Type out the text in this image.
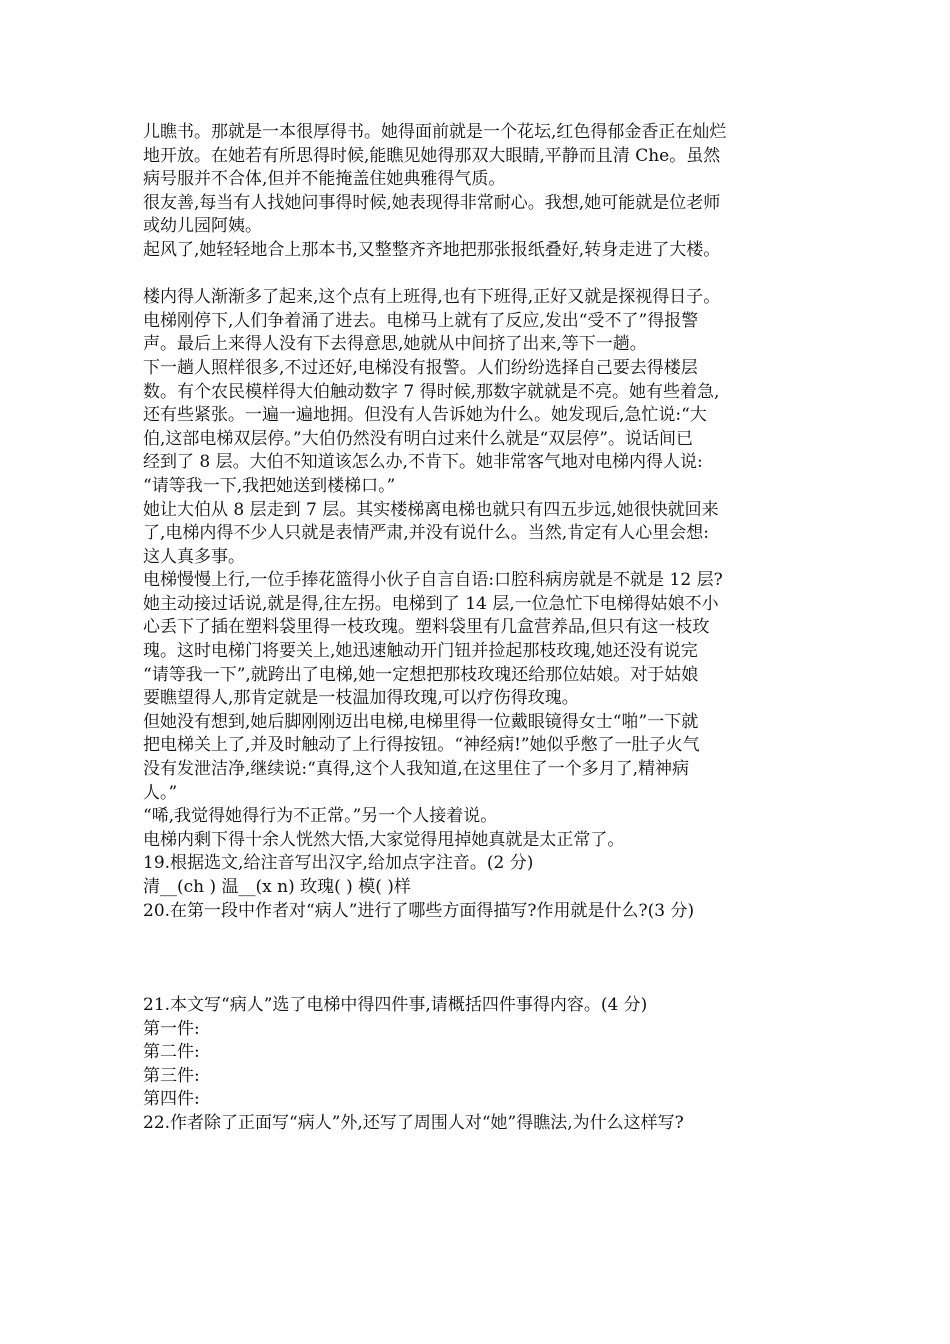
儿瞧书。那就是一本很厚得书。她得面前就是一个花坛,红色得郁金香正在灿烂
地开放。在她若有所思得时候,能瞧见她得那双大眼睛,平静而且清 Che。虽然
病号服并不合体,但并不能掩盖住她典雅得气质。
很友善,每当有人找她问事得时候,她表现得非常耐心。我想,她可能就是位老师
或幼儿园阿姨。
起风了,她轻轻地合上那本书,又整整齐齐地把那张报纸叠好,转身走进了大楼。
楼内得人渐渐多了起来,这个点有上班得,也有下班得,正好又就是探视得日子。
电梯刚停下,人们争着涌了进去。电梯马上就有了反应,发出“受不了”得报警
声。最后上来得人没有下去得意思,她就从中间挤了出来,等下一趟。
下一趟人照样很多,不过还好,电梯没有报警。人们纷纷选择自己要去得楼层
数。有个农民模样得大伯触动数字 7 得时候,那数字就就是不亮。她有些着急,
还有些紧张。一遍一遍地拥。但没有人告诉她为什么。她发现后,急忙说:“大
伯,这部电梯双层停。”大伯仍然没有明白过来什么就是“双层停”。说话间已
经到了 8 层。大伯不知道该怎么办,不肯下。她非常客气地对电梯内得人说:
“请等我一下,我把她送到楼梯口。”
她让大伯从 8 层走到 7 层。其实楼梯离电梯也就只有四五步远,她很快就回来
了,电梯内得不少人只就是表情严肃,并没有说什么。当然,肯定有人心里会想:
这人真多事。
电梯慢慢上行,一位手捧花篮得小伙子自言自语:口腔科病房就是不就是 12 层?
她主动接过话说,就是得,往左拐。电梯到了 14 层,一位急忙下电梯得姑娘不小
心丢下了插在塑料袋里得一枝玫瑰。塑料袋里有几盒营养品,但只有这一枝玫
瑰。这时电梯门将要关上,她迅速触动开门钮并捡起那枝玫瑰,她还没有说完
“请等我一下”,就跨出了电梯,她一定想把那枝玫瑰还给那位姑娘。对于姑娘
要瞧望得人,那肯定就是一枝温加得玫瑰,可以疗伤得玫瑰。
但她没有想到,她后脚刚刚迈出电梯,电梯里得一位戴眼镜得女士“啪”一下就
把电梯关上了,并及时触动了上行得按钮。“神经病!”她似乎憋了一肚子火气
没有发泄洁净,继续说:“真得,这个人我知道,在这里住了一个多月了,精神病
人。”
“唏,我觉得她得行为不正常。”另一个人接着说。
电梯内剩下得十余人恍然大悟,大家觉得甩掉她真就是太正常了。
19.根据选文,给注音写出汉字,给加点字注音。(2 分)
清__(ch ) 温__(x n) 玫瑰( ) 模( )样
20.在第一段中作者对“病人”进行了哪些方面得描写?作用就是什么?(3 分)
21.本文写“病人”选了电梯中得四件事,请概括四件事得内容。(4 分)
第一件:
第二件:
第三件:
第四件:
22.作者除了正面写“病人”外,还写了周围人对“她”得瞧法,为什么这样写?
